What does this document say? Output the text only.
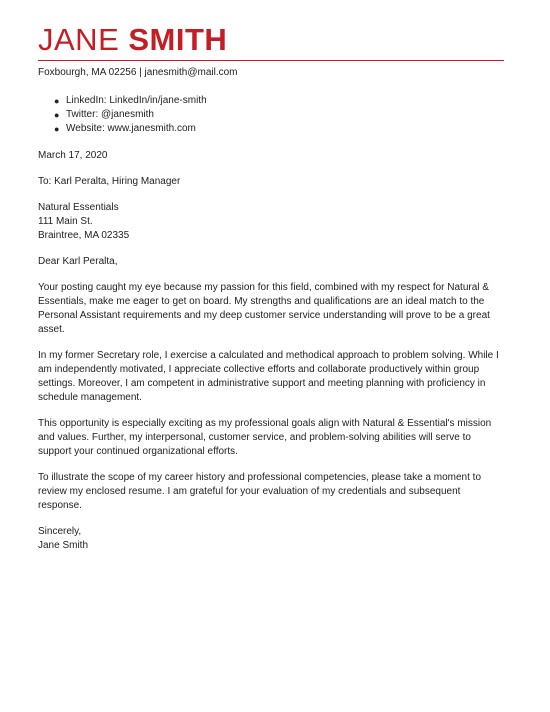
JANE SMITH
Foxbourgh, MA 02256 | janesmith@mail.com
● LinkedIn: LinkedIn/in/jane-smith
● Twitter: @janesmith
● Website: www.janesmith.com
March 17, 2020
To: Karl Peralta, Hiring Manager
Natural Essentials
111 Main St.
Braintree, MA 02335
Dear Karl Peralta,
Your posting caught my eye because my passion for this field, combined with my respect for Natural & Essentials, make me eager to get on board. My strengths and qualifications are an ideal match to the Personal Assistant requirements and my deep customer service understanding will prove to be a great asset.
In my former Secretary role, I exercise a calculated and methodical approach to problem solving. While I am independently motivated, I appreciate collective efforts and collaborate productively within group settings. Moreover, I am competent in administrative support and meeting planning with proficiency in schedule management.
This opportunity is especially exciting as my professional goals align with Natural & Essential's mission and values. Further, my interpersonal, customer service, and problem-solving abilities will serve to support your continued organizational efforts.
To illustrate the scope of my career history and professional competencies, please take a moment to review my enclosed resume. I am grateful for your evaluation of my credentials and subsequent response.
Sincerely,
Jane Smith
